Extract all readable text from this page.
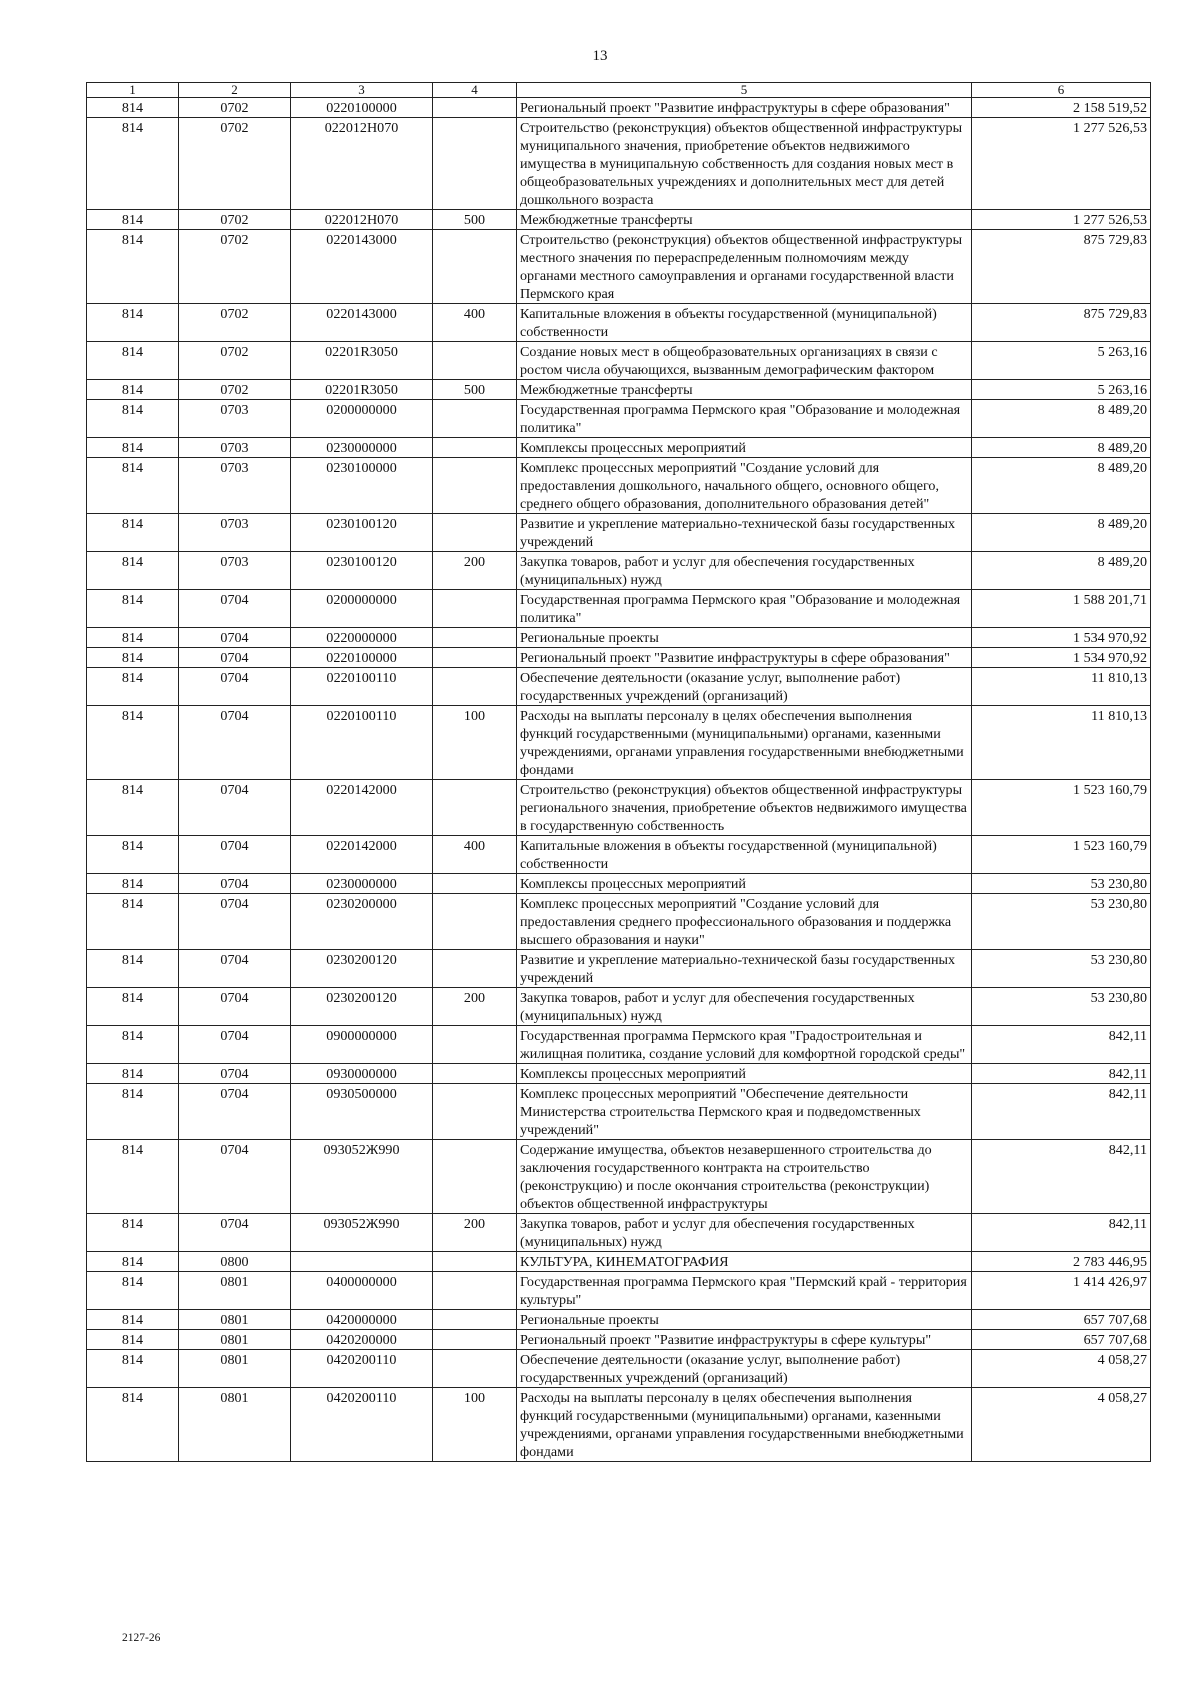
13
1	2	3	4	5	6
814	0702	0220100000		Региональный проект "Развитие инфраструктуры в сфере образования"	2 158 519,52
814	0702	022012Н070		Строительство (реконструкция) объектов общественной инфраструктуры муниципального значения, приобретение объектов недвижимого имущества в муниципальную собственность для создания новых мест в общеобразовательных учреждениях и дополнительных мест для детей дошкольного возраста	1 277 526,53
814	0702	022012Н070	500	Межбюджетные трансферты	1 277 526,53
814	0702	0220143000		Строительство (реконструкция) объектов общественной инфраструктуры местного значения по перераспределенным полномочиям между органами местного самоуправления и органами государственной власти Пермского края	875 729,83
814	0702	0220143000	400	Капитальные вложения в объекты государственной (муниципальной) собственности	875 729,83
814	0702	02201R3050		Создание новых мест в общеобразовательных организациях в связи с ростом числа обучающихся, вызванным демографическим фактором	5 263,16
814	0702	02201R3050	500	Межбюджетные трансферты	5 263,16
814	0703	0200000000		Государственная программа Пермского края "Образование и молодежная политика"	8 489,20
814	0703	0230000000		Комплексы процессных мероприятий	8 489,20
814	0703	0230100000		Комплекс процессных мероприятий "Создание условий для предоставления дошкольного, начального общего, основного общего, среднего общего образования, дополнительного образования детей"	8 489,20
814	0703	0230100120		Развитие и укрепление материально-технической базы государственных учреждений	8 489,20
814	0703	0230100120	200	Закупка товаров, работ и услуг для обеспечения государственных (муниципальных) нужд	8 489,20
814	0704	0200000000		Государственная программа Пермского края "Образование и молодежная политика"	1 588 201,71
814	0704	0220000000		Региональные проекты	1 534 970,92
814	0704	0220100000		Региональный проект "Развитие инфраструктуры в сфере образования"	1 534 970,92
814	0704	0220100110		Обеспечение деятельности (оказание услуг, выполнение работ) государственных учреждений (организаций)	11 810,13
814	0704	0220100110	100	Расходы на выплаты персоналу в целях обеспечения выполнения функций государственными (муниципальными) органами, казенными учреждениями, органами управления государственными внебюджетными фондами	11 810,13
814	0704	0220142000		Строительство (реконструкция) объектов общественной инфраструктуры регионального значения, приобретение объектов недвижимого имущества в государственную собственность	1 523 160,79
814	0704	0220142000	400	Капитальные вложения в объекты государственной (муниципальной) собственности	1 523 160,79
814	0704	0230000000		Комплексы процессных мероприятий	53 230,80
814	0704	0230200000		Комплекс процессных мероприятий "Создание условий для предоставления среднего профессионального образования и поддержка высшего образования и науки"	53 230,80
814	0704	0230200120		Развитие и укрепление материально-технической базы государственных учреждений	53 230,80
814	0704	0230200120	200	Закупка товаров, работ и услуг для обеспечения государственных (муниципальных) нужд	53 230,80
814	0704	0900000000		Государственная программа Пермского края "Градостроительная и жилищная политика, создание условий для комфортной городской среды"	842,11
814	0704	0930000000		Комплексы процессных мероприятий	842,11
814	0704	0930500000		Комплекс процессных мероприятий "Обеспечение деятельности Министерства строительства Пермского края и подведомственных учреждений"	842,11
814	0704	093052Ж990		Содержание имущества, объектов незавершенного строительства до заключения государственного контракта на строительство (реконструкцию) и после окончания строительства (реконструкции) объектов общественной инфраструктуры	842,11
814	0704	093052Ж990	200	Закупка товаров, работ и услуг для обеспечения государственных (муниципальных) нужд	842,11
814	0800			КУЛЬТУРА, КИНЕМАТОГРАФИЯ	2 783 446,95
814	0801	0400000000		Государственная программа Пермского края "Пермский край - территория культуры"	1 414 426,97
814	0801	0420000000		Региональные проекты	657 707,68
814	0801	0420200000		Региональный проект "Развитие инфраструктуры в сфере культуры"	657 707,68
814	0801	0420200110		Обеспечение деятельности (оказание услуг, выполнение работ) государственных учреждений (организаций)	4 058,27
814	0801	0420200110	100	Расходы на выплаты персоналу в целях обеспечения выполнения функций государственными (муниципальными) органами, казенными учреждениями, органами управления государственными внебюджетными фондами	4 058,27
2127-26
